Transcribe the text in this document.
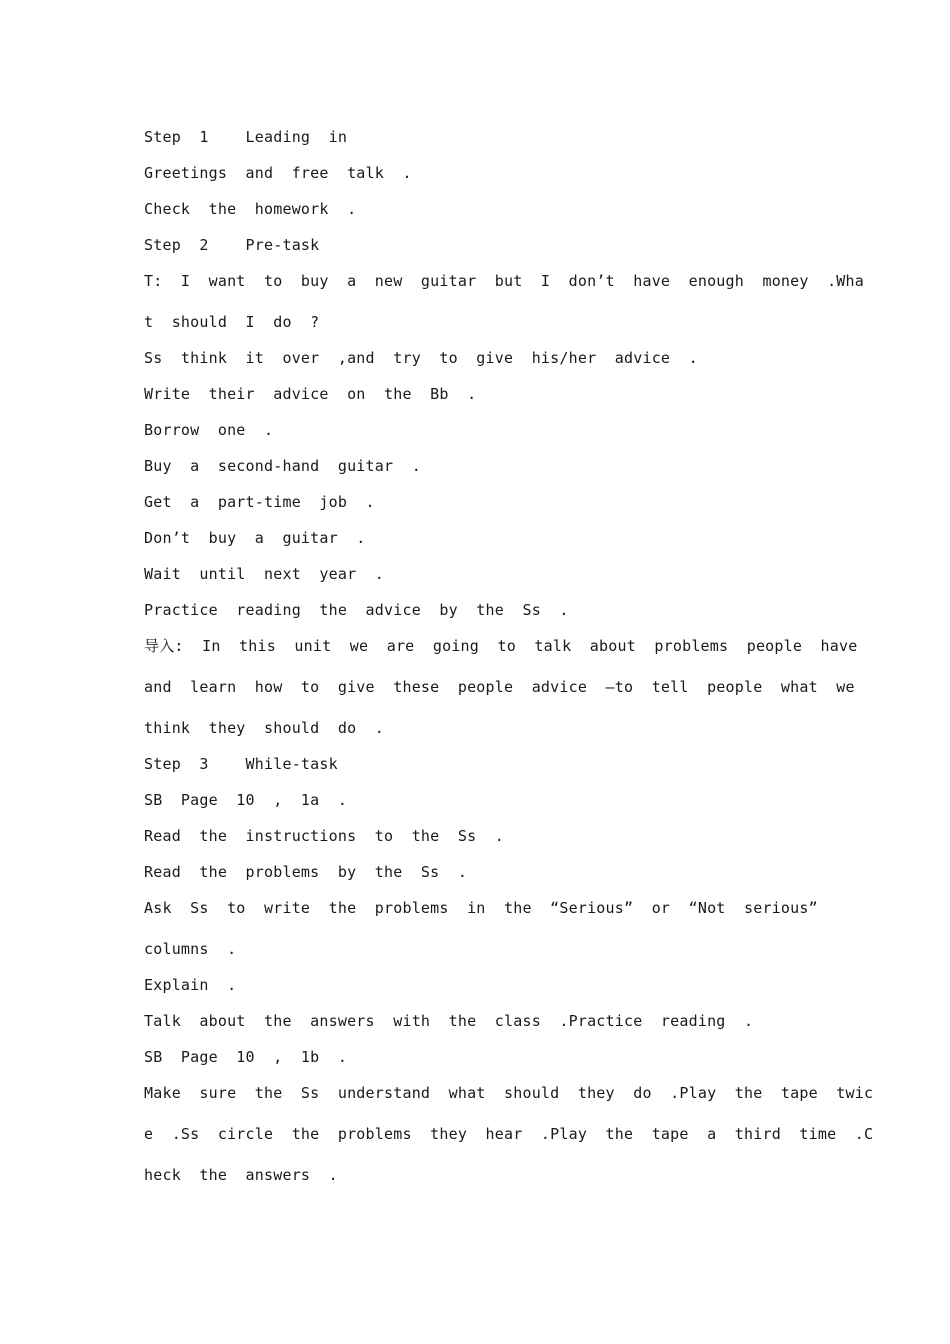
Step  1    Leading  in
Greetings  and  free  talk  .
Check  the  homework  .
Step  2    Pre-task
T:  I  want  to  buy  a  new  guitar  but  I  don’t  have  enough  money  .Wha
t  should  I  do  ?
Ss  think  it  over  ,and  try  to  give  his/her  advice  .
Write  their  advice  on  the  Bb  .
Borrow  one  .
Buy  a  second-hand  guitar  .
Get  a  part-time  job  .
Don’t  buy  a  guitar  .
Wait  until  next  year  .
Practice  reading  the  advice  by  the  Ss  .
导入:  In  this  unit  we  are  going  to  talk  about  problems  people  have
and  learn  how  to  give  these  people  advice  –to  tell  people  what  we
think  they  should  do  .
Step  3    While-task
SB  Page  10  ,  1a  .
Read  the  instructions  to  the  Ss  .
Read  the  problems  by  the  Ss  .
Ask  Ss  to  write  the  problems  in  the  “Serious”  or  “Not  serious”
columns  .
Explain  .
Talk  about  the  answers  with  the  class  .Practice  reading  .
SB  Page  10  ,  1b  .
Make  sure  the  Ss  understand  what  should  they  do  .Play  the  tape  twic
e  .Ss  circle  the  problems  they  hear  .Play  the  tape  a  third  time  .C
heck  the  answers  .
